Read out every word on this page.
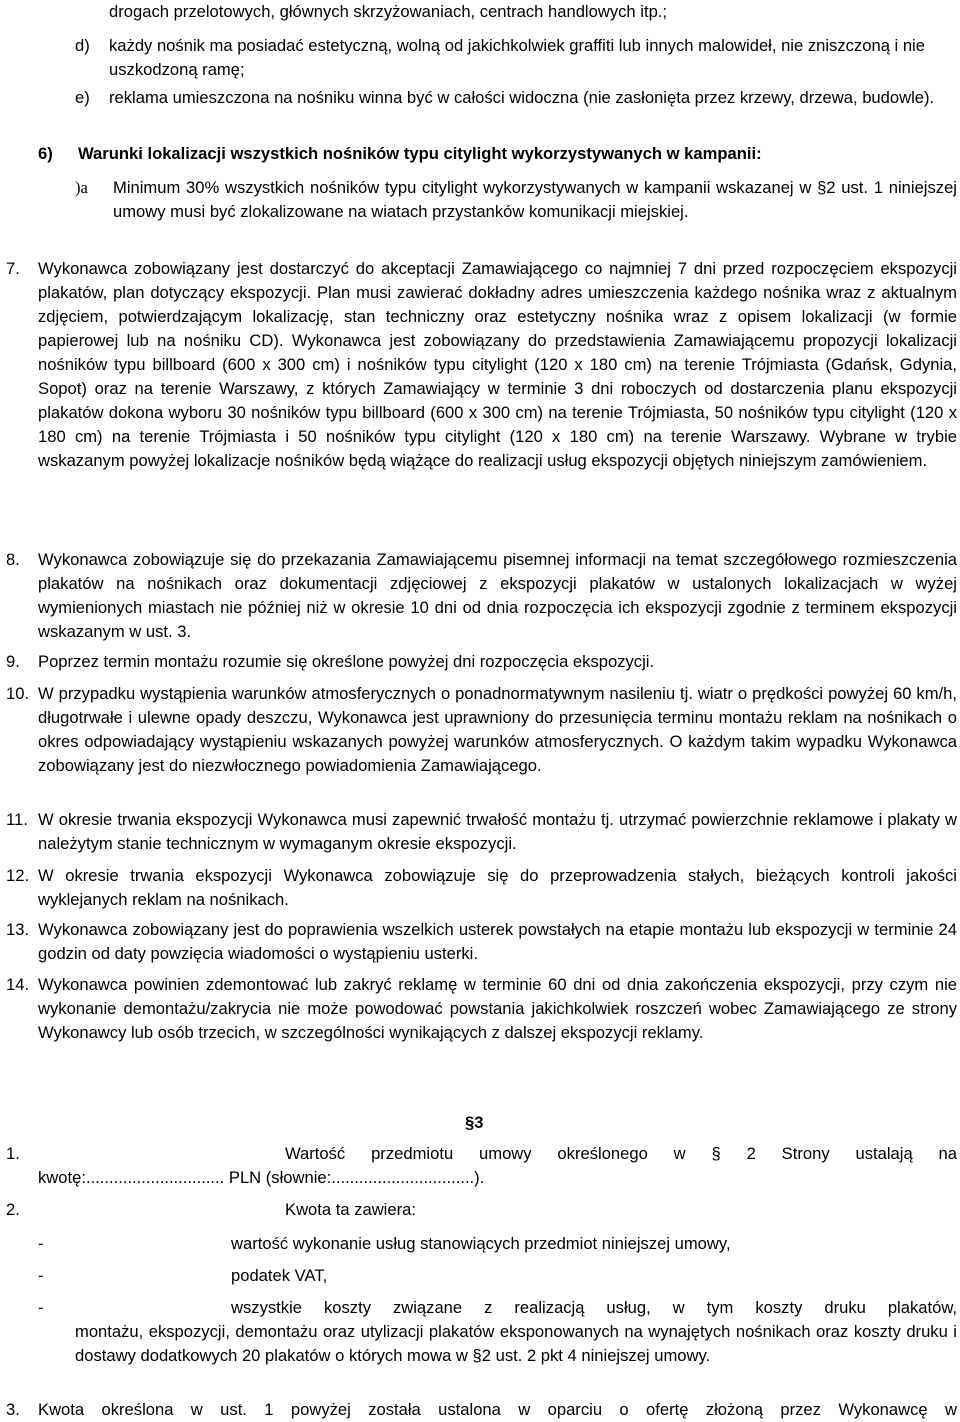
drogach przelotowych, głównych skrzyżowaniach, centrach handlowych itp.;
d) każdy nośnik ma posiadać estetyczną, wolną od jakichkolwiek graffiti lub innych malowideł, nie zniszczoną i nie uszkodzoną ramę;
e) reklama umieszczona na nośniku winna być w całości widoczna (nie zasłonięta przez krzewy, drzewa, budowle).
6) Warunki lokalizacji wszystkich nośników typu citylight wykorzystywanych w kampanii:
)a Minimum 30% wszystkich nośników typu citylight wykorzystywanych w kampanii wskazanej w §2 ust. 1 niniejszej umowy musi być zlokalizowane na wiatach przystanków komunikacji miejskiej.
7. Wykonawca zobowiązany jest dostarczyć do akceptacji Zamawiającego co najmniej 7 dni przed rozpoczęciem ekspozycji plakatów, plan dotyczący ekspozycji. Plan musi zawierać dokładny adres umieszczenia każdego nośnika wraz z aktualnym zdjęciem, potwierdzającym lokalizację, stan techniczny oraz estetyczny nośnika wraz z opisem lokalizacji (w formie papierowej lub na nośniku CD). Wykonawca jest zobowiązany do przedstawienia Zamawiającemu propozycji lokalizacji nośników typu billboard (600 x 300 cm) i nośników typu citylight (120 x 180 cm) na terenie Trójmiasta (Gdańsk, Gdynia, Sopot) oraz na terenie Warszawy, z których Zamawiający w terminie 3 dni roboczych od dostarczenia planu ekspozycji plakatów dokona wyboru 30 nośników typu billboard (600 x 300 cm) na terenie Trójmiasta, 50 nośników typu citylight (120 x 180 cm) na terenie Trójmiasta i 50 nośników typu citylight (120 x 180 cm) na terenie Warszawy. Wybrane w trybie wskazanym powyżej lokalizacje nośników będą wiążące do realizacji usług ekspozycji objętych niniejszym zamówieniem.
8. Wykonawca zobowiązuje się do przekazania Zamawiającemu pisemnej informacji na temat szczegółowego rozmieszczenia plakatów na nośnikach oraz dokumentacji zdjęciowej z ekspozycji plakatów w ustalonych lokalizacjach w wyżej wymienionych miastach nie później niż w okresie 10 dni od dnia rozpoczęcia ich ekspozycji zgodnie z terminem ekspozycji wskazanym w ust. 3.
9. Poprzez termin montażu rozumie się określone powyżej dni rozpoczęcia ekspozycji.
10. W przypadku wystąpienia warunków atmosferycznych o ponadnormatywnym nasileniu tj. wiatr o prędkości powyżej 60 km/h, długotrwałe i ulewne opady deszczu, Wykonawca jest uprawniony do przesunięcia terminu montażu reklam na nośnikach o okres odpowiadający wystąpieniu wskazanych powyżej warunków atmosferycznych. O każdym takim wypadku Wykonawca zobowiązany jest do niezwłocznego powiadomienia Zamawiającego.
11. W okresie trwania ekspozycji Wykonawca musi zapewnić trwałość montażu tj. utrzymać powierzchnie reklamowe i plakaty w należytym stanie technicznym w wymaganym okresie ekspozycji.
12. W okresie trwania ekspozycji Wykonawca zobowiązuje się do przeprowadzenia stałych, bieżących kontroli jakości wyklejanych reklam na nośnikach.
13. Wykonawca zobowiązany jest do poprawienia wszelkich usterek powstałych na etapie montażu lub ekspozycji w terminie 24 godzin od daty powzięcia wiadomości o wystąpieniu usterki.
14. Wykonawca powinien zdemontować lub zakryć reklamę w terminie 60 dni od dnia zakończenia ekspozycji, przy czym nie wykonanie demontażu/zakrycia nie może powodować powstania jakichkolwiek roszczeń wobec Zamawiającego ze strony Wykonawcy lub osób trzecich, w szczególności wynikających z dalszej ekspozycji reklamy.
§3
1.	Wartość przedmiotu umowy określonego w § 2 Strony ustalają na
kwotę:.............................. PLN (słownie:...............................).
2.	Kwota ta zawiera:
-	wartość wykonanie usług stanowiących przedmiot niniejszej umowy,
-	podatek VAT,
-	wszystkie koszty związane z realizacją usług, w tym koszty druku plakatów,
montażu, ekspozycji, demontażu oraz utylizacji plakatów eksponowanych na wynajętych nośnikach oraz koszty druku i dostawy dodatkowych 20 plakatów o których mowa w §2 ust. 2 pkt 4 niniejszej umowy.
3. Kwota określona w ust. 1 powyżej została ustalona w oparciu o ofertę złożoną przez Wykonawcę w
